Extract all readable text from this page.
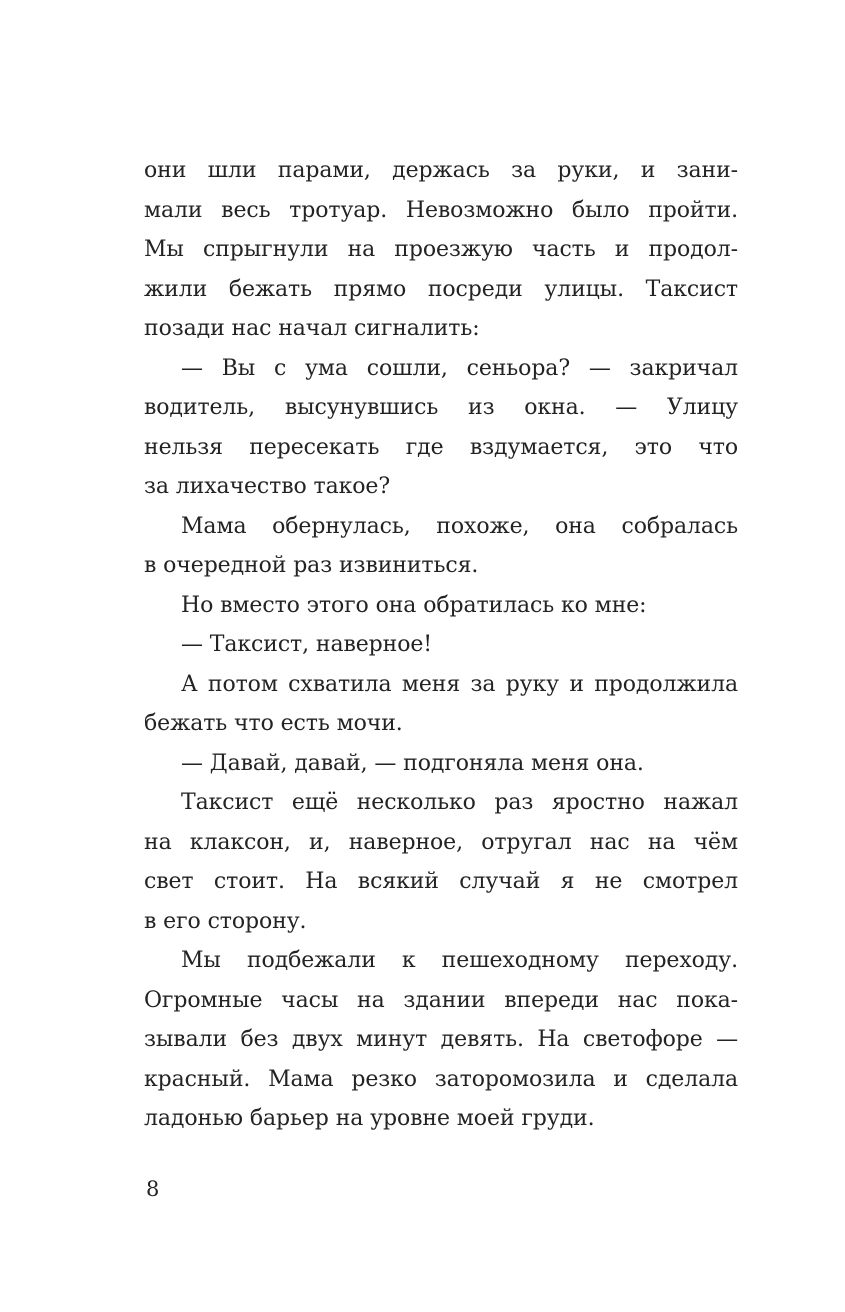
они шли парами, держась за руки, и зани-
мали весь тротуар. Невозможно было пройти.
Мы спрыгнули на проезжую часть и продол-
жили бежать прямо посреди улицы. Таксист
позади нас начал сигналить:
— Вы с ума сошли, сеньора? — закричал
водитель, высунувшись из окна. — Улицу
нельзя пересекать где вздумается, это что
за лихачество такое?
Мама обернулась, похоже, она собралась
в очередной раз извиниться.
Но вместо этого она обратилась ко мне:
— Таксист, наверное!
А потом схватила меня за руку и продолжила
бежать что есть мочи.
— Давай, давай, — подгоняла меня она.
Таксист ещё несколько раз яростно нажал
на клаксон, и, наверное, отругал нас на чём
свет стоит. На всякий случай я не смотрел
в его сторону.
Мы подбежали к пешеходному переходу.
Огромные часы на здании впереди нас пока-
зывали без двух минут девять. На светофоре —
красный. Мама резко заторомозила и сделала
ладонью барьер на уровне моей груди.
8
